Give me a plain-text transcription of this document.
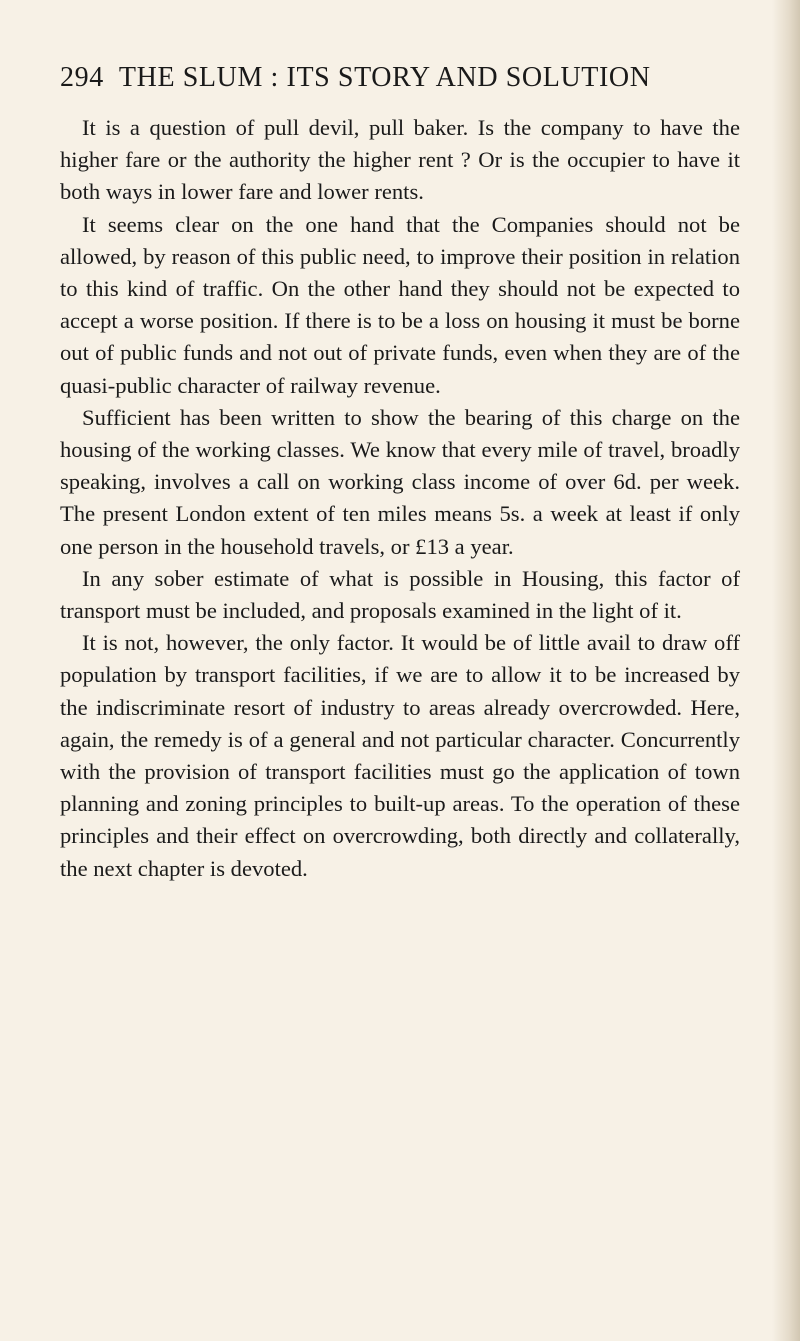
294 THE SLUM : ITS STORY AND SOLUTION

It is a question of pull devil, pull baker. Is the company to have the higher fare or the authority the higher rent ? Or is the occupier to have it both ways in lower fare and lower rents.

It seems clear on the one hand that the Companies should not be allowed, by reason of this public need, to improve their position in relation to this kind of traffic. On the other hand they should not be expected to accept a worse position. If there is to be a loss on housing it must be borne out of public funds and not out of private funds, even when they are of the quasi-public character of railway revenue.

Sufficient has been written to show the bearing of this charge on the housing of the working classes. We know that every mile of travel, broadly speaking, involves a call on working class income of over 6d. per week. The present London extent of ten miles means 5s. a week at least if only one person in the household travels, or £13 a year.

In any sober estimate of what is possible in Housing, this factor of transport must be included, and proposals examined in the light of it.

It is not, however, the only factor. It would be of little avail to draw off population by transport facilities, if we are to allow it to be increased by the indiscriminate resort of industry to areas already overcrowded. Here, again, the remedy is of a general and not particular character. Concurrently with the provision of transport facilities must go the application of town planning and zoning principles to built-up areas. To the operation of these principles and their effect on overcrowding, both directly and collaterally, the next chapter is devoted.
